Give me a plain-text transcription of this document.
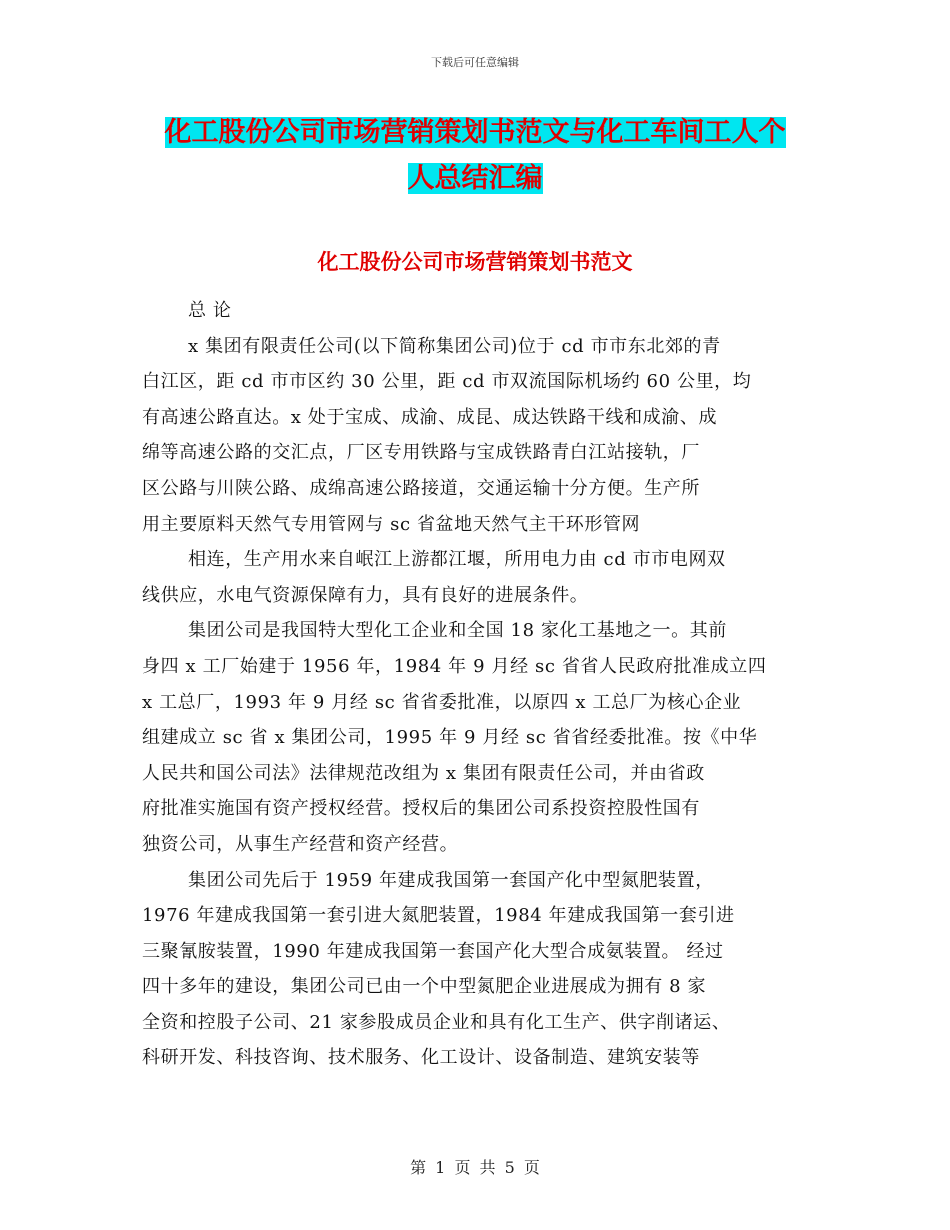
下载后可任意编辑
化工股份公司市场营销策划书范文与化工车间工人个
人总结汇编
化工股份公司市场营销策划书范文
总 论
x 集团有限责任公司(以下简称集团公司)位于 cd 市市东北郊的青
白江区，距 cd 市市区约 30 公里，距 cd 市双流国际机场约 60 公里，均
有高速公路直达。x 处于宝成、成渝、成昆、成达铁路干线和成渝、成
绵等高速公路的交汇点，厂区专用铁路与宝成铁路青白江站接轨，厂
区公路与川陕公路、成绵高速公路接道，交通运输十分方便。生产所
用主要原料天然气专用管网与 sc 省盆地天然气主干环形管网
相连，生产用水来自岷江上游都江堰，所用电力由 cd 市市电网双
线供应，水电气资源保障有力，具有良好的进展条件。
集团公司是我国特大型化工企业和全国 18 家化工基地之一。其前
身四 x 工厂始建于 1956 年，1984 年 9 月经 sc 省省人民政府批准成立四
x 工总厂，1993 年 9 月经 sc 省省委批准，以原四 x 工总厂为核心企业
组建成立 sc 省 x 集团公司，1995 年 9 月经 sc 省省经委批准。按《中华
人民共和国公司法》法律规范改组为 x 集团有限责任公司，并由省政
府批准实施国有资产授权经营。授权后的集团公司系投资控股性国有
独资公司，从事生产经营和资产经营。
集团公司先后于 1959 年建成我国第一套国产化中型氮肥装置，
1976 年建成我国第一套引进大氮肥装置，1984 年建成我国第一套引进
三聚氰胺装置，1990 年建成我国第一套国产化大型合成氨装置。 经过
四十多年的建设，集团公司已由一个中型氮肥企业进展成为拥有 8 家
全资和控股子公司、21 家参股成员企业和具有化工生产、供字削诸运、
科研开发、科技咨询、技术服务、化工设计、设备制造、建筑安装等
第 1 页 共 5 页
